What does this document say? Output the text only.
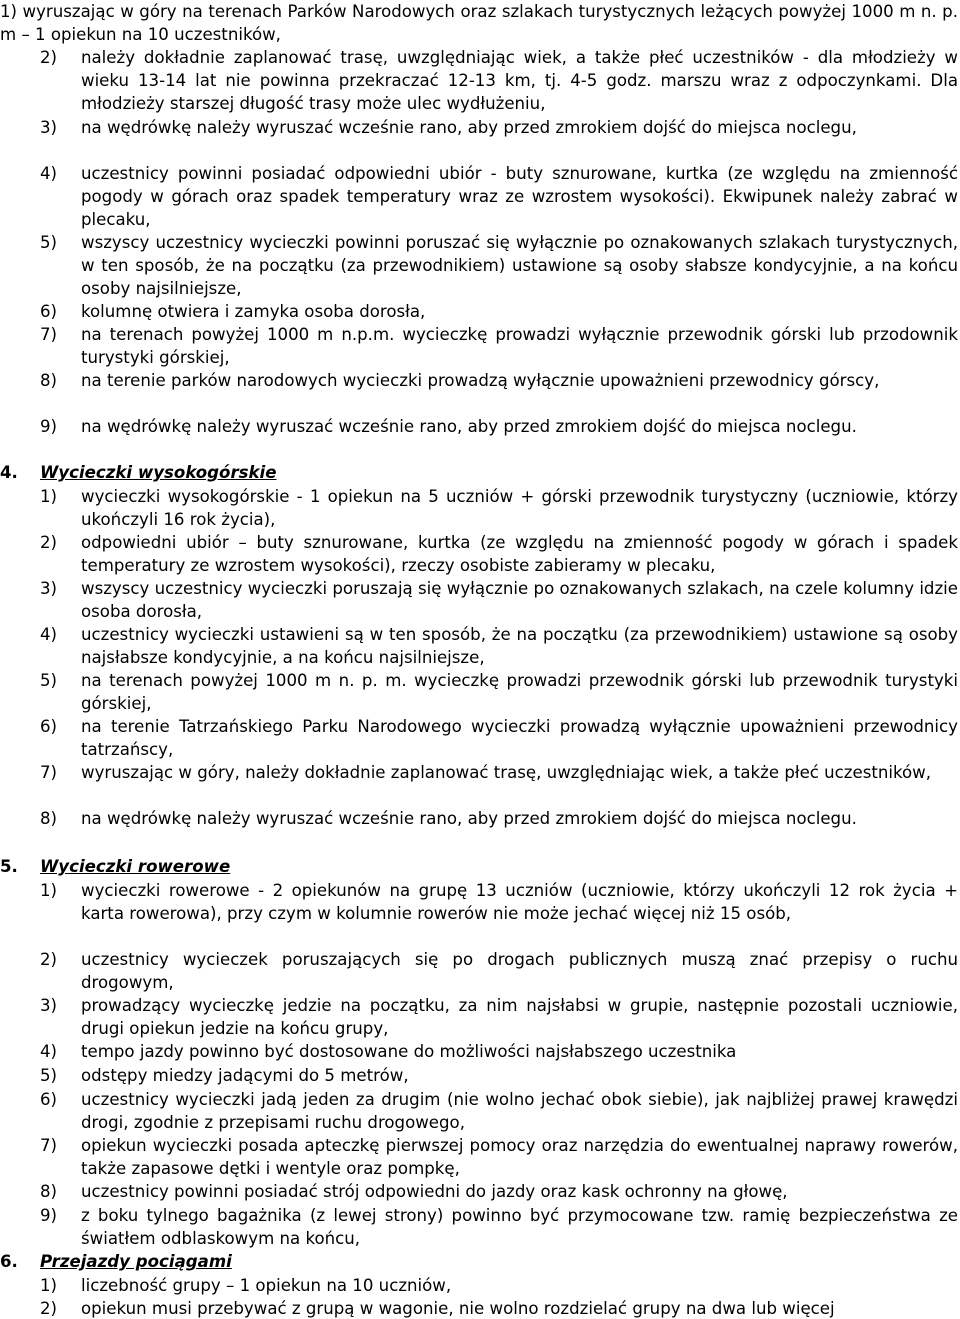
1) wyruszając w góry na terenach Parków Narodowych oraz szlakach turystycznych leżących powyżej 1000 m n. p. m – 1 opiekun na 10 uczestników,
2) należy dokładnie zaplanować trasę, uwzględniając wiek, a także płeć uczestników - dla młodzieży w wieku 13-14 lat nie powinna przekraczać 12-13 km, tj. 4-5 godz. marszu wraz z odpoczynkami. Dla młodzieży starszej długość trasy może ulec wydłużeniu,
3) na wędrówkę należy wyruszać wcześnie rano, aby przed zmrokiem dojść do miejsca noclegu,
4) uczestnicy powinni posiadać odpowiedni ubiór - buty sznurowane, kurtka (ze względu na zmienność pogody w górach oraz spadek temperatury wraz ze wzrostem wysokości). Ekwipunek należy zabrać w plecaku,
5) wszyscy uczestnicy wycieczki powinni poruszać się wyłącznie po oznakowanych szlakach turystycznych, w ten sposób, że na początku (za przewodnikiem) ustawione są osoby słabsze kondycyjnie, a na końcu osoby najsilniejsze,
6) kolumnę otwiera i zamyka osoba dorosła,
7) na terenach powyżej 1000 m n.p.m. wycieczkę prowadzi wyłącznie przewodnik górski lub przodownik turystyki górskiej,
8) na terenie parków narodowych wycieczki prowadzą wyłącznie upoważnieni przewodnicy górscy,
9) na wędrówkę należy wyruszać wcześnie rano, aby przed zmrokiem dojść do miejsca noclegu.
4. Wycieczki wysokogórskie
1) wycieczki wysokogórskie - 1 opiekun na 5 uczniów + górski przewodnik turystyczny (uczniowie, którzy ukończyli 16 rok życia),
2) odpowiedni ubiór – buty sznurowane, kurtka (ze względu na zmienność pogody w górach i spadek temperatury ze wzrostem wysokości), rzeczy osobiste zabieramy w plecaku,
3) wszyscy uczestnicy wycieczki poruszają się wyłącznie po oznakowanych szlakach, na czele kolumny idzie osoba dorosła,
4) uczestnicy wycieczki ustawieni są w ten sposób, że na początku (za przewodnikiem) ustawione są osoby najsłabsze kondycyjnie, a na końcu najsilniejsze,
5) na terenach powyżej 1000 m n. p. m. wycieczkę prowadzi przewodnik górski lub przewodnik turystyki górskiej,
6) na terenie Tatrzańskiego Parku Narodowego wycieczki prowadzą wyłącznie upoważnieni przewodnicy tatrzańscy,
7) wyruszając w góry, należy dokładnie zaplanować trasę, uwzględniając wiek, a także płeć uczestników,
8) na wędrówkę należy wyruszać wcześnie rano, aby przed zmrokiem dojść do miejsca noclegu.
5. Wycieczki rowerowe
1) wycieczki rowerowe - 2 opiekunów na grupę 13 uczniów (uczniowie, którzy ukończyli 12 rok życia + karta rowerowa), przy czym w kolumnie rowerów nie może jechać więcej niż 15 osób,
2) uczestnicy wycieczek poruszających się po drogach publicznych muszą znać przepisy o ruchu drogowym,
3) prowadzący wycieczkę jedzie na początku, za nim najsłabsi w grupie, następnie pozostali uczniowie, drugi opiekun jedzie na końcu grupy,
4) tempo jazdy powinno być dostosowane do możliwości najsłabszego uczestnika
5) odstępy miedzy jadącymi do 5 metrów,
6) uczestnicy wycieczki jadą jeden za drugim (nie wolno jechać obok siebie), jak najbliżej prawej krawędzi drogi, zgodnie z przepisami ruchu drogowego,
7) opiekun wycieczki posada apteczkę pierwszej pomocy oraz narzędzia do ewentualnej naprawy rowerów, także zapasowe dętki i wentyle oraz pompkę,
8) uczestnicy powinni posiadać strój odpowiedni do jazdy oraz kask ochronny na głowę,
9) z boku tylnego bagażnika (z lewej strony) powinno być przymocowane tzw. ramię bezpieczeństwa ze światłem odblaskowym na końcu,
6. Przejazdy pociągami
1) liczebność grupy – 1 opiekun na 10 uczniów,
2) opiekun musi przebywać z grupą w wagonie, nie wolno rozdzielać grupy na dwa lub więcej
